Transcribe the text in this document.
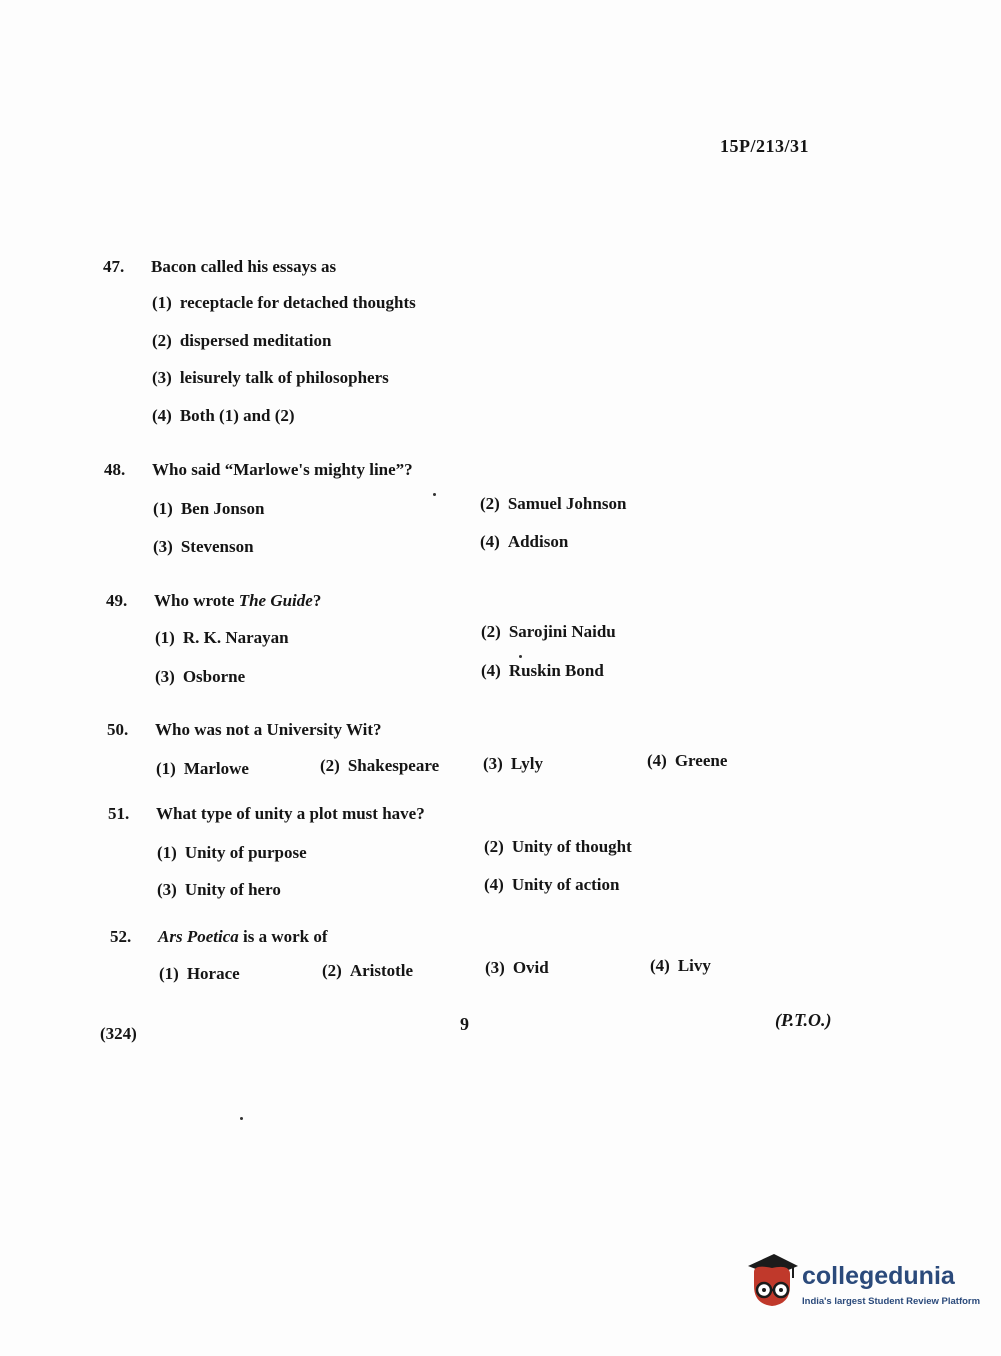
15P/213/31
47. Bacon called his essays as
(1) receptacle for detached thoughts
(2) dispersed meditation
(3) leisurely talk of philosophers
(4) Both (1) and (2)
48. Who said “Marlowe's mighty line”?
(1) Ben Jonson	(2) Samuel Johnson
(3) Stevenson	(4) Addison
49. Who wrote The Guide?
(1) R. K. Narayan	(2) Sarojini Naidu
(3) Osborne	(4) Ruskin Bond
50. Who was not a University Wit?
(1) Marlowe	(2) Shakespeare	(3) Lyly	(4) Greene
51. What type of unity a plot must have?
(1) Unity of purpose	(2) Unity of thought
(3) Unity of hero	(4) Unity of action
52. Ars Poetica is a work of
(1) Horace	(2) Aristotle	(3) Ovid	(4) Livy
(324)	9	(P.T.O.)
collegedunia
India's largest Student Review Platform
